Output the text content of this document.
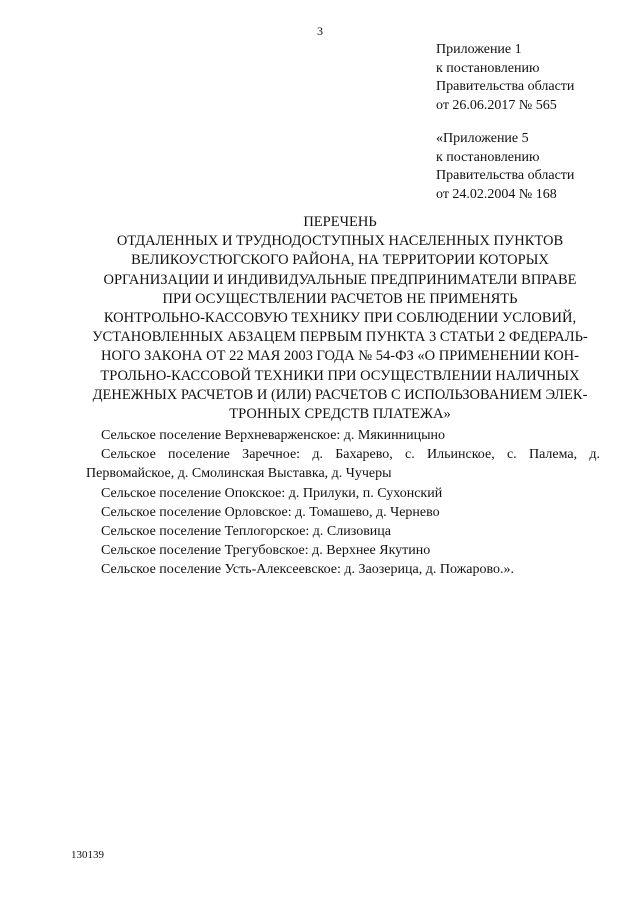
3
Приложение 1
к постановлению
Правительства области
от 26.06.2017 № 565
«Приложение 5
к постановлению
Правительства области
от 24.02.2004 № 168
ПЕРЕЧЕНЬ
ОТДАЛЕННЫХ И ТРУДНОДОСТУПНЫХ НАСЕЛЕННЫХ ПУНКТОВ
ВЕЛИКОУСТЮГСКОГО РАЙОНА, НА ТЕРРИТОРИИ КОТОРЫХ
ОРГАНИЗАЦИИ И ИНДИВИДУАЛЬНЫЕ ПРЕДПРИНИМАТЕЛИ ВПРАВЕ
ПРИ ОСУЩЕСТВЛЕНИИ РАСЧЕТОВ НЕ ПРИМЕНЯТЬ
КОНТРОЛЬНО-КАССОВУЮ ТЕХНИКУ ПРИ СОБЛЮДЕНИИ УСЛОВИЙ,
УСТАНОВЛЕННЫХ АБЗАЦЕМ ПЕРВЫМ ПУНКТА 3 СТАТЬИ 2 ФЕДЕРАЛЬ-
НОГО ЗАКОНА ОТ 22 МАЯ 2003 ГОДА № 54-ФЗ «О ПРИМЕНЕНИИ КОН-
ТРОЛЬНО-КАССОВОЙ ТЕХНИКИ ПРИ ОСУЩЕСТВЛЕНИИ НАЛИЧНЫХ
ДЕНЕЖНЫХ РАСЧЕТОВ И (ИЛИ) РАСЧЕТОВ С ИСПОЛЬЗОВАНИЕМ ЭЛЕК-
ТРОННЫХ СРЕДСТВ ПЛАТЕЖА»
Сельское поселение Верхневарженское: д. Мякинницыно
Сельское поселение Заречное: д. Бахарево, с. Ильинское, с. Палема, д. Первомайское, д. Смолинская Выставка, д. Чучеры
Сельское поселение Опокское: д. Прилуки, п. Сухонский
Сельское поселение Орловское: д. Томашево, д. Чернево
Сельское поселение Теплогорское: д. Слизовица
Сельское поселение Трегубовское: д. Верхнее Якутино
Сельское поселение Усть-Алексеевское: д. Заозерица, д. Пожарово.».
130139
